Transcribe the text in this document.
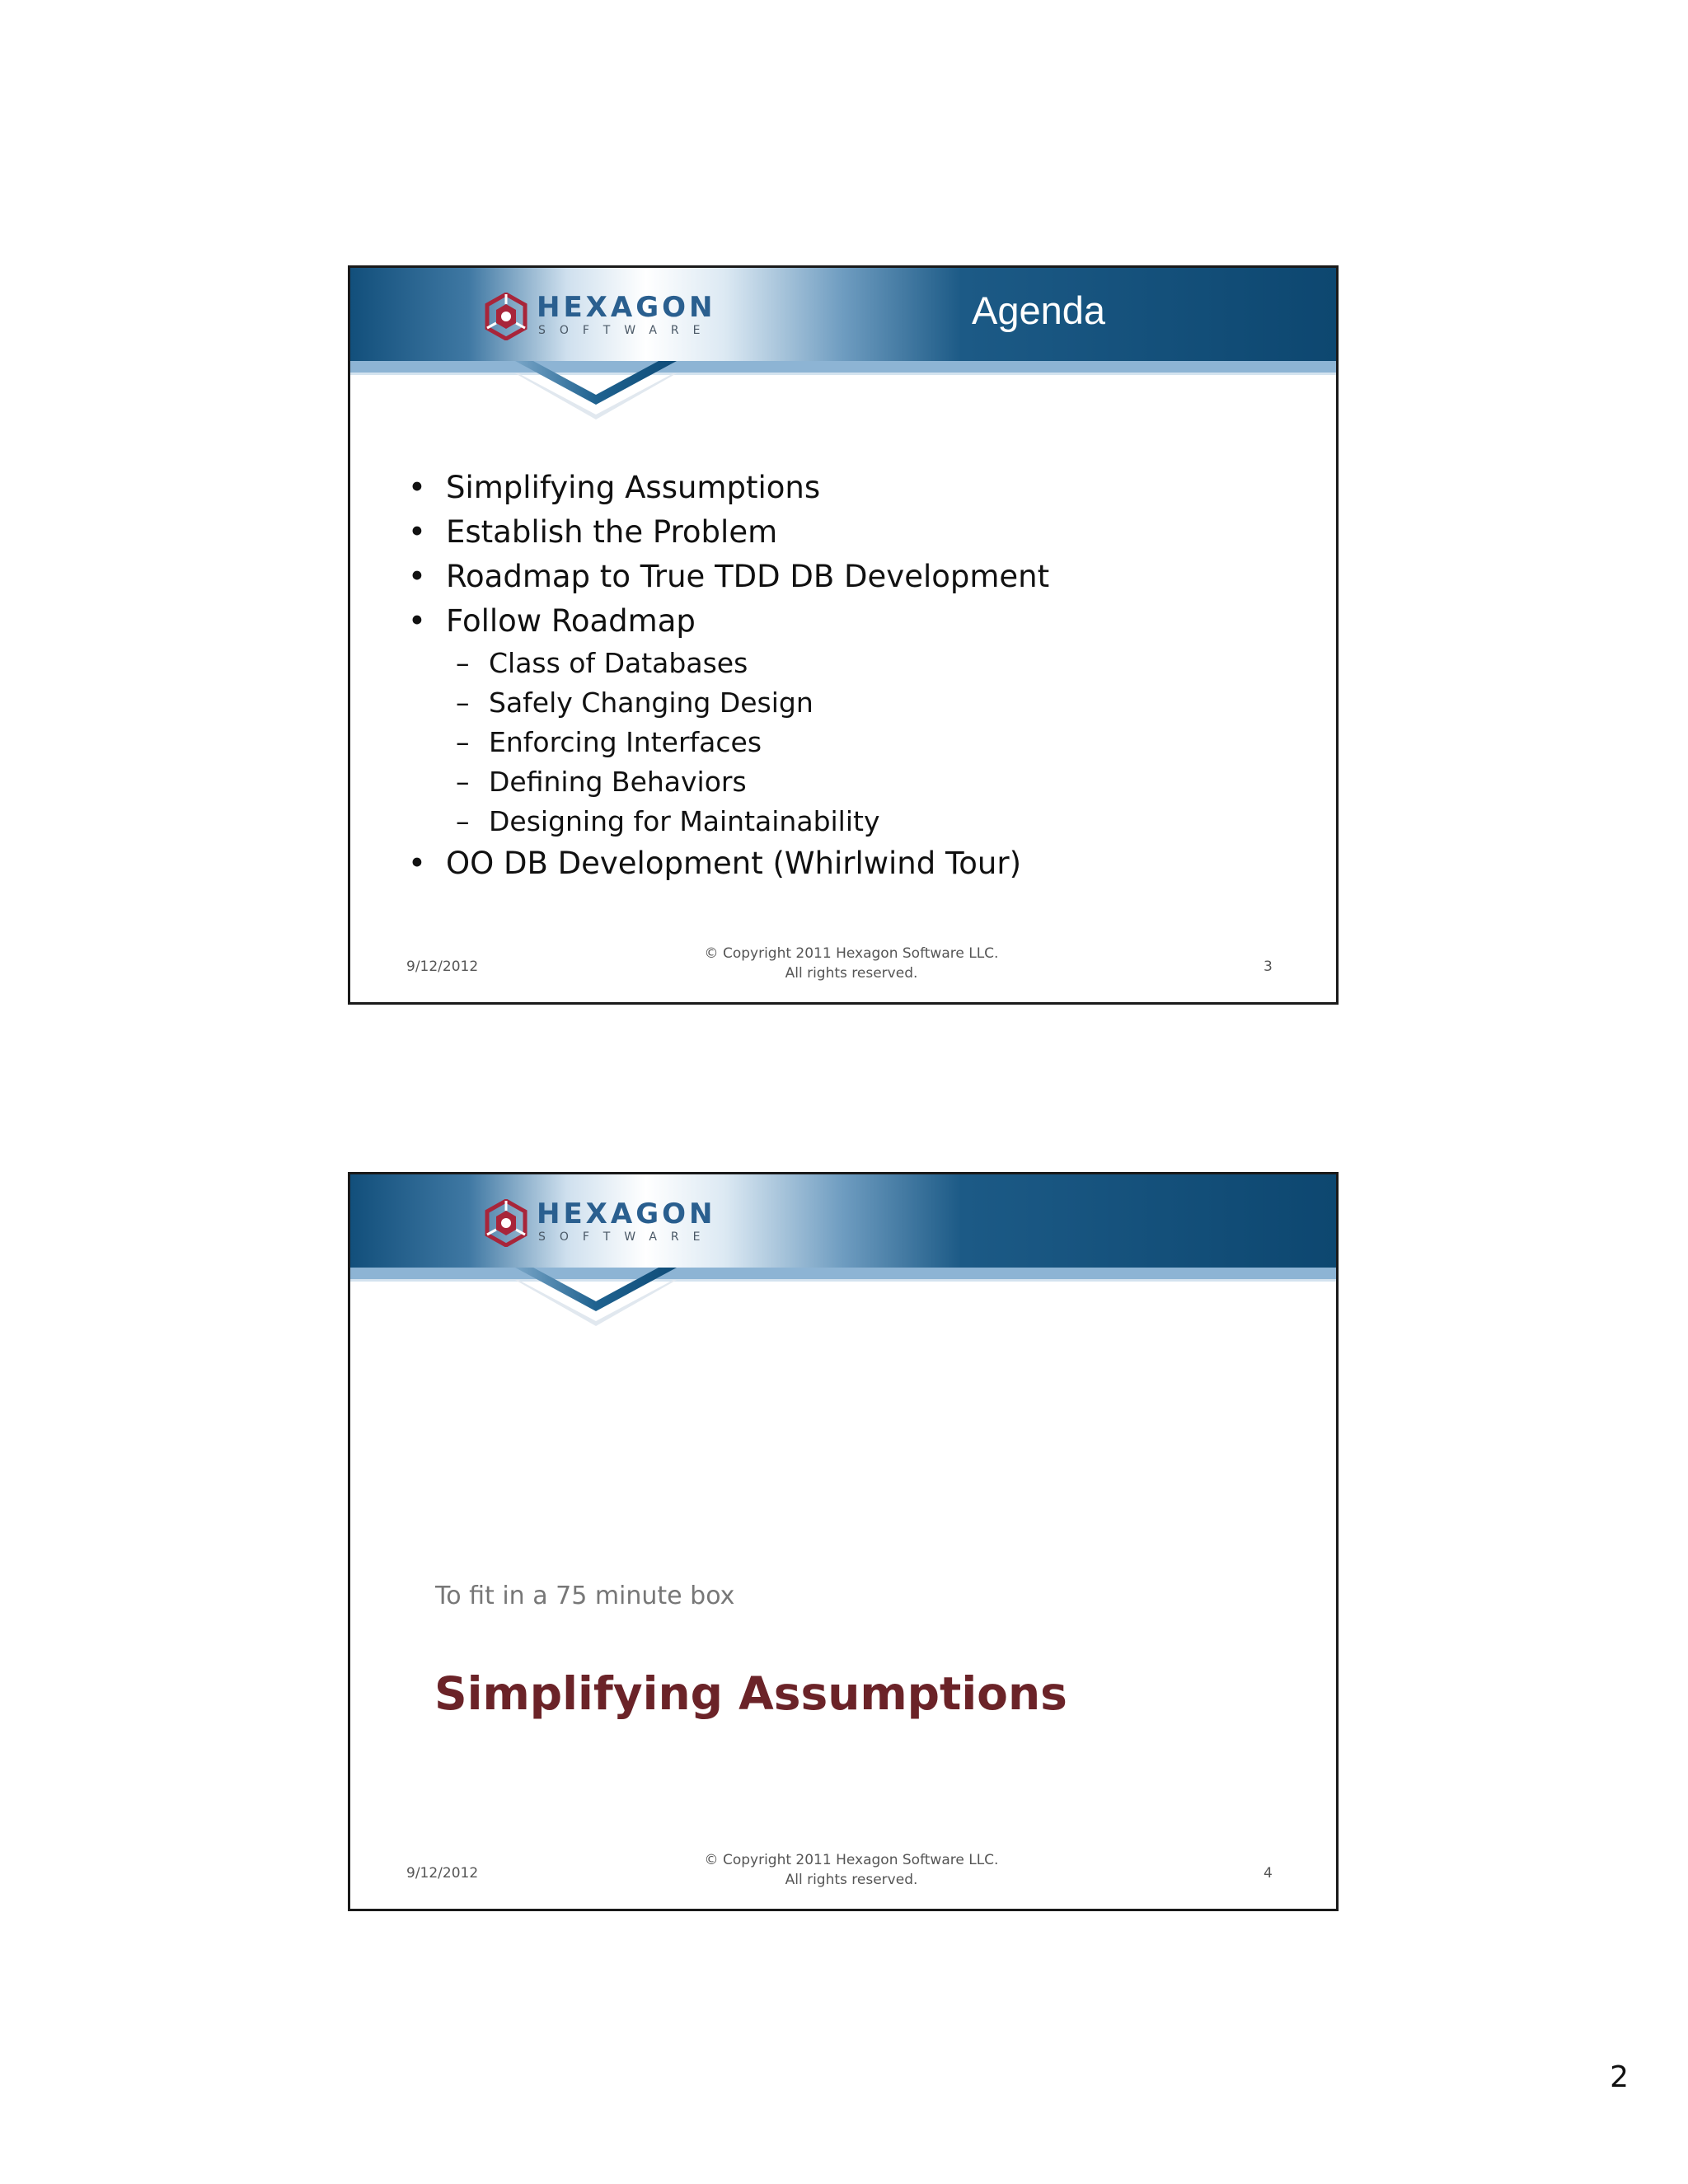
HEXAGON
SOFTWARE	Agenda
• Simplifying Assumptions
• Establish the Problem
• Roadmap to True TDD DB Development
• Follow Roadmap
– Class of Databases
– Safely Changing Design
– Enforcing Interfaces
– Defining Behaviors
– Designing for Maintainability
• OO DB Development (Whirlwind Tour)
9/12/2012
© Copyright 2011 Hexagon Software LLC.
All rights reserved.	3
HEXAGON
SOFTWARE
To fit in a 75 minute box
Simplifying Assumptions
9/12/2012
© Copyright 2011 Hexagon Software LLC.
All rights reserved.	4
2
